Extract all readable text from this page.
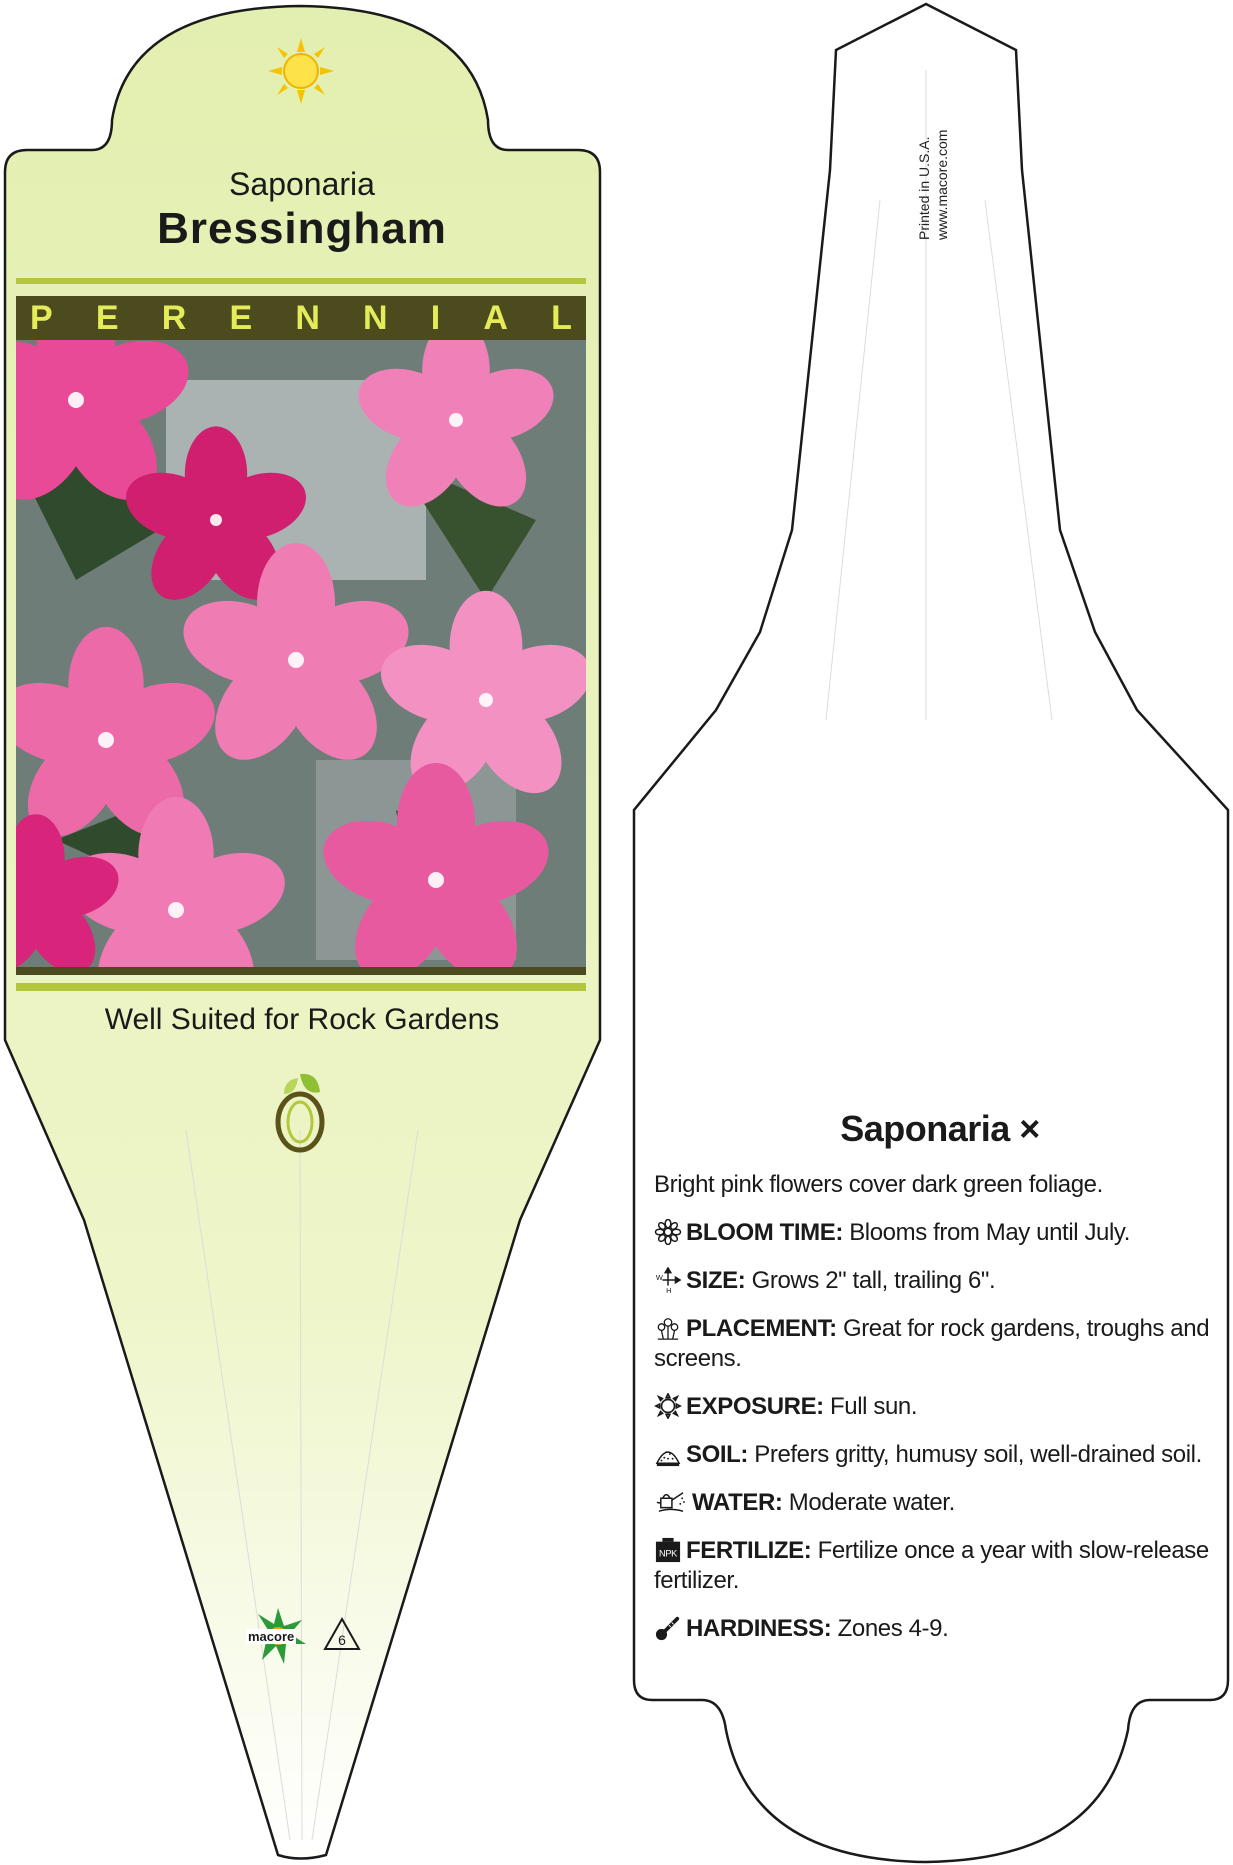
Saponaria
Bressingham
P E R E N N I A L
Well Suited for Rock Gardens
macore	6
Printed in U.S.A. www.macore.com
Saponaria ×
Bright pink flowers cover dark green foliage.
BLOOM TIME: Blooms from May until July.
W
H SIZE: Grows 2" tall, trailing 6".
PLACEMENT: Great for rock gardens, troughs and screens.
EXPOSURE: Full sun.
SOIL: Prefers gritty, humusy soil, well-drained soil.
WATER: Moderate water.
NPK FERTILIZE: Fertilize once a year with slow-release fertilizer.
HARDINESS: Zones 4-9.
